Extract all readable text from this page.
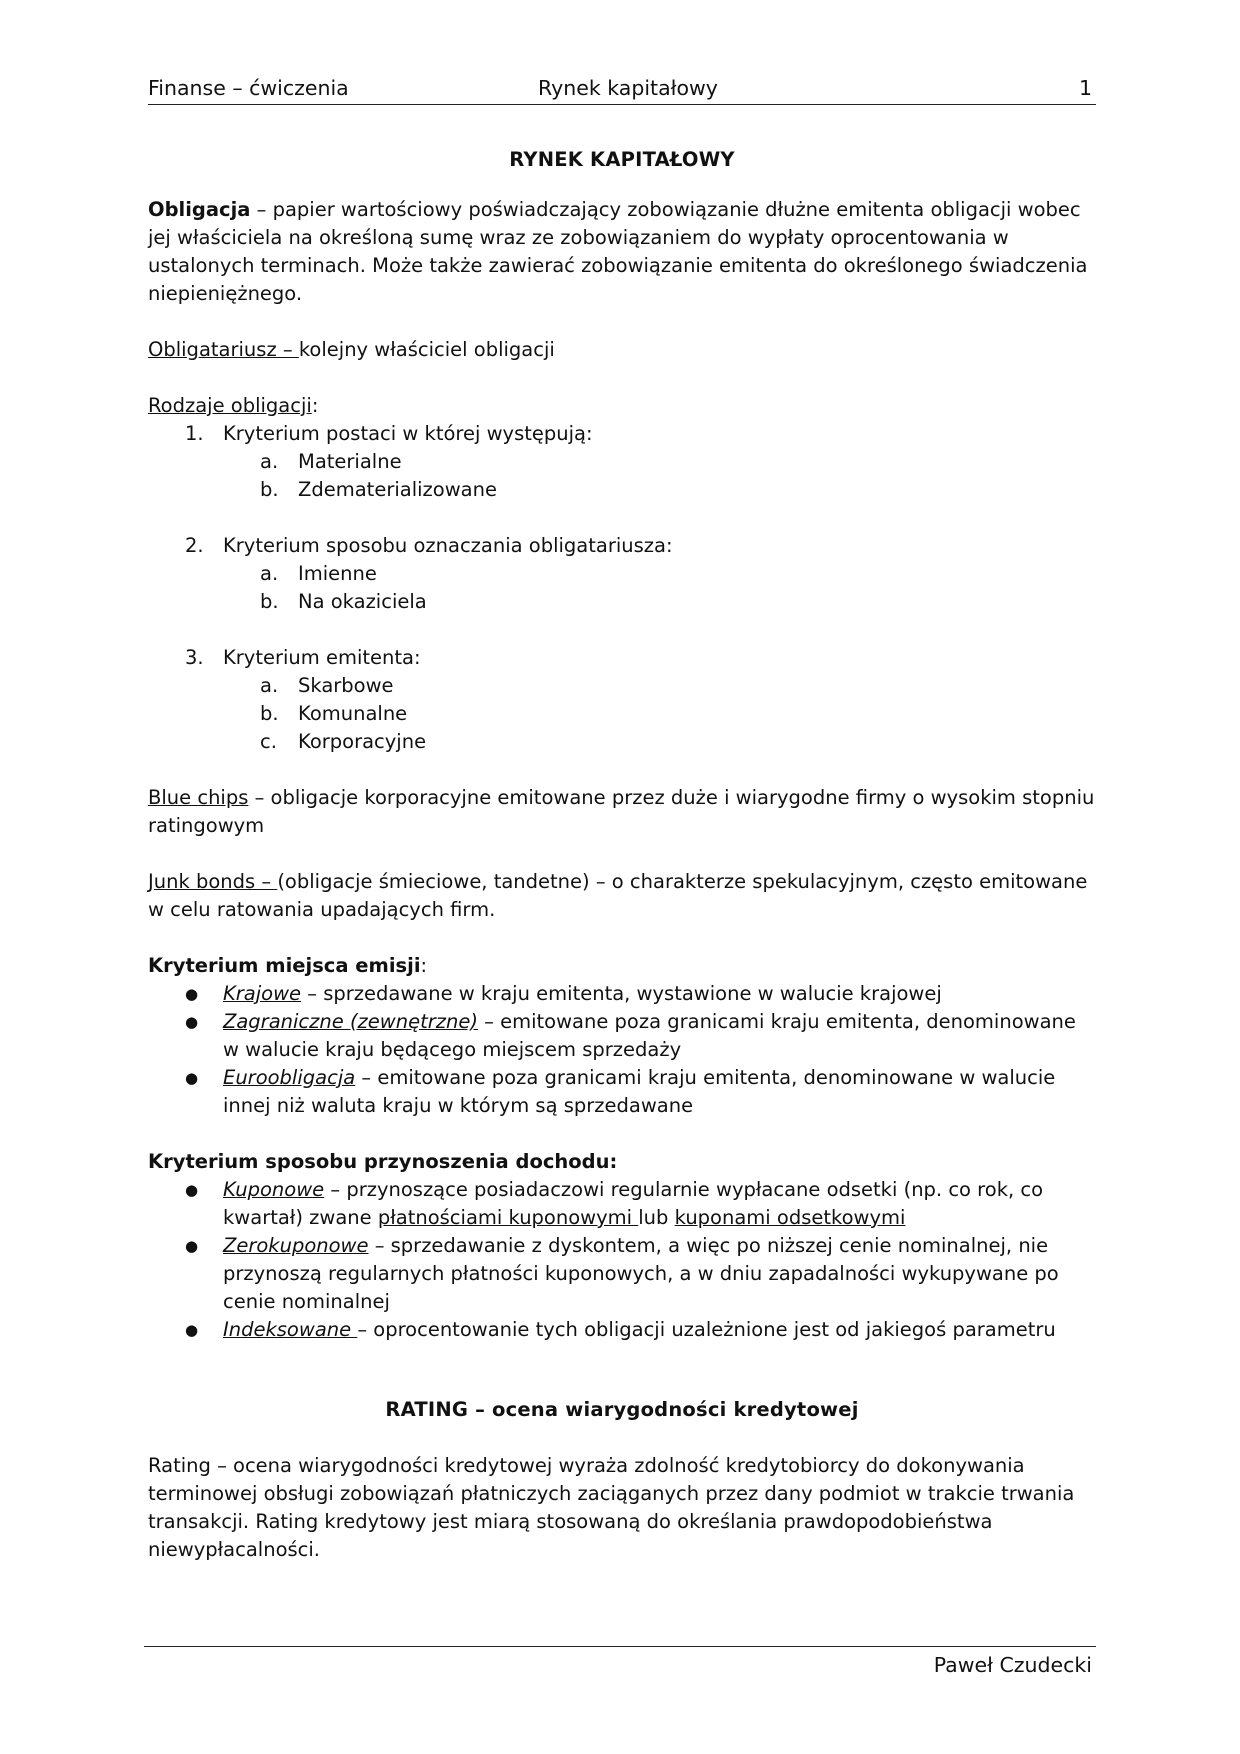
Finanse – ćwiczenia	Rynek kapitałowy	1
RYNEK KAPITAŁOWY

Obligacja – papier wartościowy poświadczający zobowiązanie dłużne emitenta obligacji wobec jej właściciela na określoną sumę wraz ze zobowiązaniem do wypłaty oprocentowania w ustalonych terminach. Może także zawierać zobowiązanie emitenta do określonego świadczenia niepieniężnego.

Obligatariusz – kolejny właściciel obligacji

Rodzaje obligacji:
1. Kryterium postaci w której występują:
a. Materialne
b. Zdematerializowane
2. Kryterium sposobu oznaczania obligatariusza:
a. Imienne
b. Na okaziciela
3. Kryterium emitenta:
a. Skarbowe
b. Komunalne
c. Korporacyjne

Blue chips – obligacje korporacyjne emitowane przez duże i wiarygodne firmy o wysokim stopniu ratingowym

Junk bonds – (obligacje śmieciowe, tandetne) – o charakterze spekulacyjnym, często emitowane w celu ratowania upadających firm.

Kryterium miejsca emisji:
● Krajowe – sprzedawane w kraju emitenta, wystawione w walucie krajowej
● Zagraniczne (zewnętrzne) – emitowane poza granicami kraju emitenta, denominowane w walucie kraju będącego miejscem sprzedaży
● Euroobligacja – emitowane poza granicami kraju emitenta, denominowane w walucie innej niż waluta kraju w którym są sprzedawane
Kryterium sposobu przynoszenia dochodu:
● Kuponowe – przynoszące posiadaczowi regularnie wypłacane odsetki (np. co rok, co kwartał) zwane płatnościami kuponowymi lub kuponami odsetkowymi
● Zerokuponowe – sprzedawanie z dyskontem, a więc po niższej cenie nominalnej, nie przynoszą regularnych płatności kuponowych, a w dniu zapadalności wykupywane po cenie nominalnej
● Indeksowane – oprocentowanie tych obligacji uzależnione jest od jakiegoś parametru
RATING – ocena wiarygodności kredytowej

Rating – ocena wiarygodności kredytowej wyraża zdolność kredytobiorcy do dokonywania terminowej obsługi zobowiązań płatniczych zaciąganych przez dany podmiot w trakcie trwania transakcji. Rating kredytowy jest miarą stosowaną do określania prawdopodobieństwa niewypłacalności.

Paweł Czudecki
